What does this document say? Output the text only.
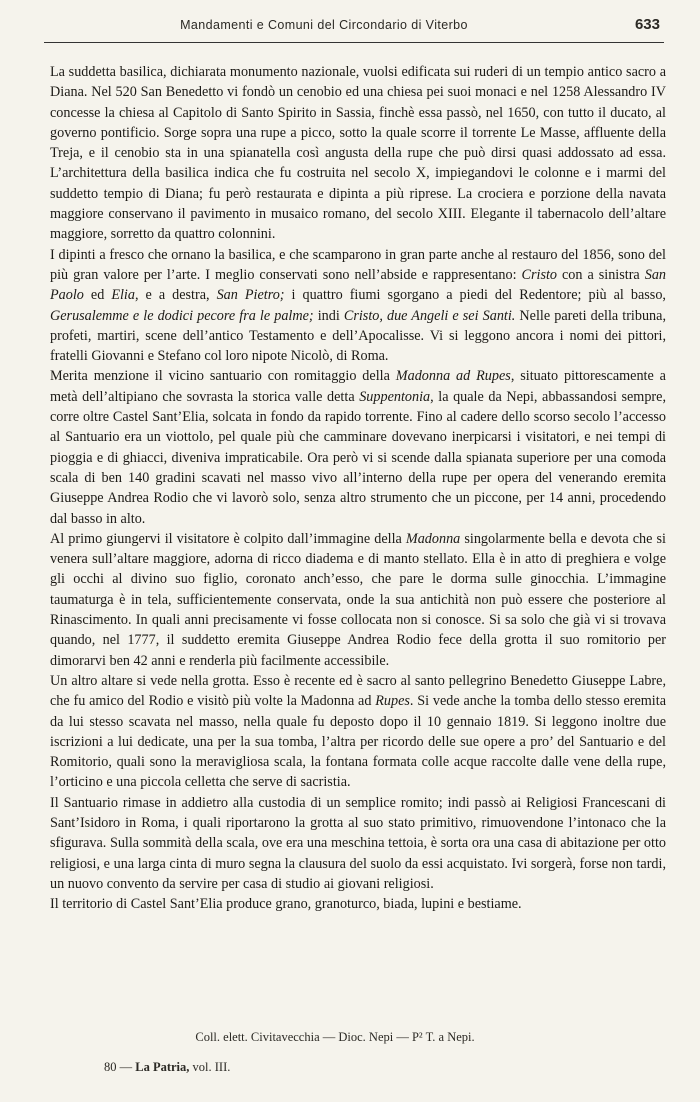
Mandamenti e Comuni del Circondario di Viterbo	633

La suddetta basilica, dichiarata monumento nazionale, vuolsi edificata sui ruderi di un tempio antico sacro a Diana. Nel 520 San Benedetto vi fondò un cenobio ed una chiesa pei suoi monaci e nel 1258 Alessandro IV concesse la chiesa al Capitolo di Santo Spirito in Sassia, finchè essa passò, nel 1650, con tutto il ducato, al governo pontificio. Sorge sopra una rupe a picco, sotto la quale scorre il torrente Le Masse, affluente della Treja, e il cenobio sta in una spianatella così angusta della rupe che può dirsi quasi addossato ad essa. L’architettura della basilica indica che fu costruita nel secolo X, impiegandovi le colonne e i marmi del suddetto tempio di Diana; fu però restaurata e dipinta a più riprese. La crociera e porzione della navata maggiore conservano il pavimento in musaico romano, del secolo XIII. Elegante il tabernacolo dell’altare maggiore, sorretto da quattro colonnini.

I dipinti a fresco che ornano la basilica, e che scamparono in gran parte anche al restauro del 1856, sono del più gran valore per l’arte. I meglio conservati sono nell’abside e rappresentano: Cristo con a sinistra San Paolo ed Elia, e a destra, San Pietro; i quattro fiumi sgorgano a piedi del Redentore; più al basso, Gerusalemme e le dodici pecore fra le palme; indi Cristo, due Angeli e sei Santi. Nelle pareti della tribuna, profeti, martiri, scene dell’antico Testamento e dell’Apocalisse. Vi si leggono ancora i nomi dei pittori, fratelli Giovanni e Stefano col loro nipote Nicolò, di Roma.

Merita menzione il vicino santuario con romitaggio della Madonna ad Rupes, situato pittorescamente a metà dell’altipiano che sovrasta la storica valle detta Suppentonia, la quale da Nepi, abbassandosi sempre, corre oltre Castel Sant’Elia, solcata in fondo da rapido torrente. Fino al cadere dello scorso secolo l’accesso al Santuario era un viottolo, pel quale più che camminare dovevano inerpicarsi i visitatori, e nei tempi di pioggia e di ghiacci, diveniva impraticabile. Ora però vi si scende dalla spianata superiore per una comoda scala di ben 140 gradini scavati nel masso vivo all’interno della rupe per opera del venerando eremita Giuseppe Andrea Rodio che vi lavorò solo, senza altro strumento che un piccone, per 14 anni, procedendo dal basso in alto.

Al primo giungervi il visitatore è colpito dall’immagine della Madonna singolarmente bella e devota che si venera sull’altare maggiore, adorna di ricco diadema e di manto stellato. Ella è in atto di preghiera e volge gli occhi al divino suo figlio, coronato anch’esso, che pare le dorma sulle ginocchia. L’immagine taumaturga è in tela, sufficientemente conservata, onde la sua antichità non può essere che posteriore al Rinascimento. In quali anni precisamente vi fosse collocata non si conosce. Si sa solo che già vi si trovava quando, nel 1777, il suddetto eremita Giuseppe Andrea Rodio fece della grotta il suo romitorio per dimorarvi ben 42 anni e renderla più facilmente accessibile.

Un altro altare si vede nella grotta. Esso è recente ed è sacro al santo pellegrino Benedetto Giuseppe Labre, che fu amico del Rodio e visitò più volte la Madonna ad Rupes. Si vede anche la tomba dello stesso eremita da lui stesso scavata nel masso, nella quale fu deposto dopo il 10 gennaio 1819. Si leggono inoltre due iscrizioni a lui dedicate, una per la sua tomba, l’altra per ricordo delle sue opere a pro’ del Santuario e del Romitorio, quali sono la meravigliosa scala, la fontana formata colle acque raccolte dalle vene della rupe, l’orticino e una piccola celletta che serve di sacristia.

Il Santuario rimase in addietro alla custodia di un semplice romito; indi passò ai Religiosi Francescani di Sant’Isidoro in Roma, i quali riportarono la grotta al suo stato primitivo, rimuovendone l’intonaco che la sfigurava. Sulla sommità della scala, ove era una meschina tettoia, è sorta ora una casa di abitazione per otto religiosi, e una larga cinta di muro segna la clausura del suolo da essi acquistato. Ivi sorgerà, forse non tardi, un nuovo convento da servire per casa di studio ai giovani religiosi.

Il territorio di Castel Sant’Elia produce grano, granoturco, biada, lupini e bestiame.

Coll. elett. Civitavecchia — Dioc. Nepi — P² T. a Nepi.
80 — La Patria, vol. III.
